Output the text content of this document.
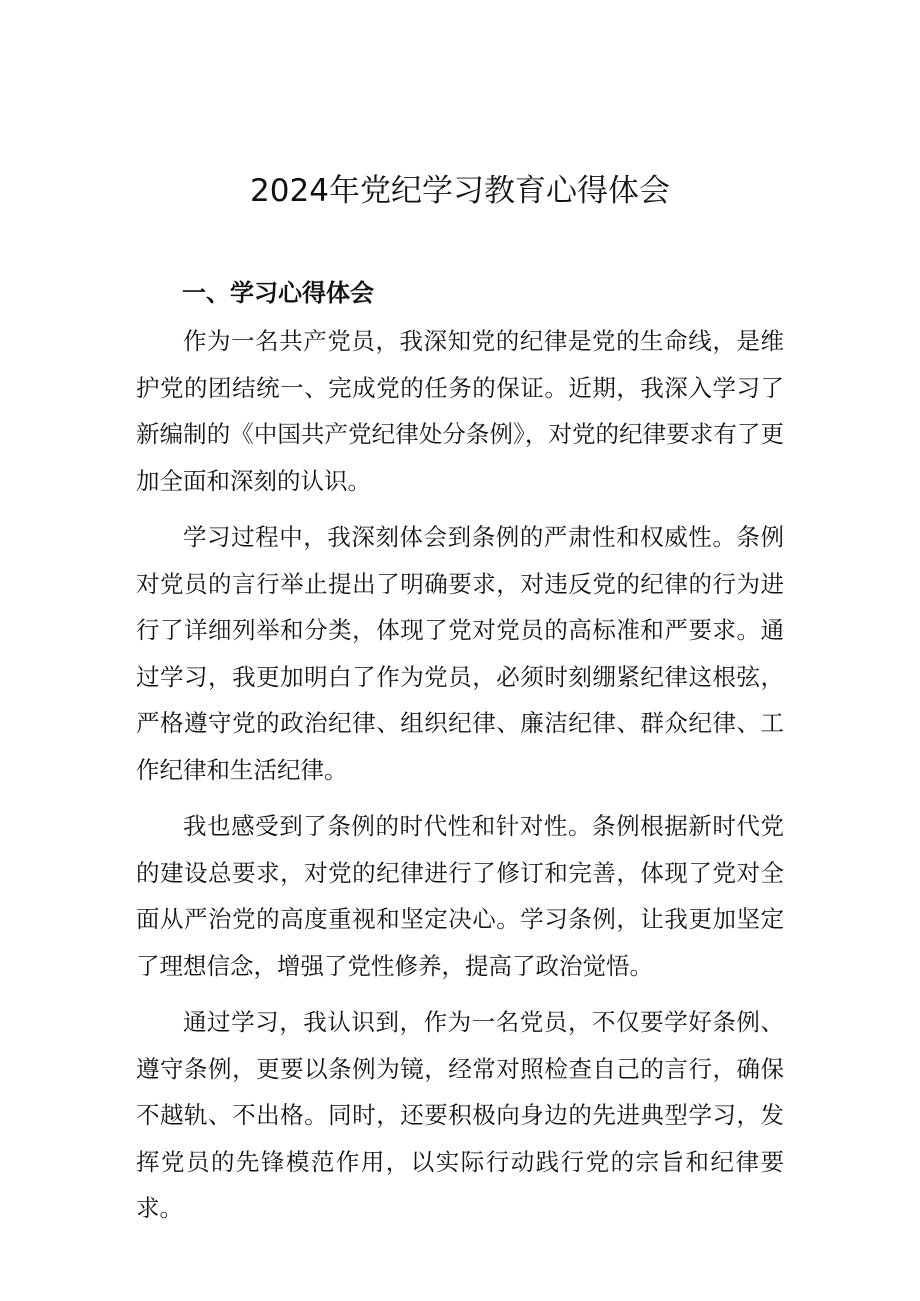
2024年党纪学习教育心得体会
一、学习心得体会

作为一名共产党员，我深知党的纪律是党的生命线，是维护党的团结统一、完成党的任务的保证。近期，我深入学习了新编制的《中国共产党纪律处分条例》，对党的纪律要求有了更加全面和深刻的认识。

学习过程中，我深刻体会到条例的严肃性和权威性。条例对党员的言行举止提出了明确要求，对违反党的纪律的行为进行了详细列举和分类，体现了党对党员的高标准和严要求。通过学习，我更加明白了作为党员，必须时刻绷紧纪律这根弦，严格遵守党的政治纪律、组织纪律、廉洁纪律、群众纪律、工作纪律和生活纪律。

我也感受到了条例的时代性和针对性。条例根据新时代党的建设总要求，对党的纪律进行了修订和完善，体现了党对全面从严治党的高度重视和坚定决心。学习条例，让我更加坚定了理想信念，增强了党性修养，提高了政治觉悟。

通过学习，我认识到，作为一名党员，不仅要学好条例、遵守条例，更要以条例为镜，经常对照检查自己的言行，确保不越轨、不出格。同时，还要积极向身边的先进典型学习，发挥党员的先锋模范作用，以实际行动践行党的宗旨和纪律要求。
